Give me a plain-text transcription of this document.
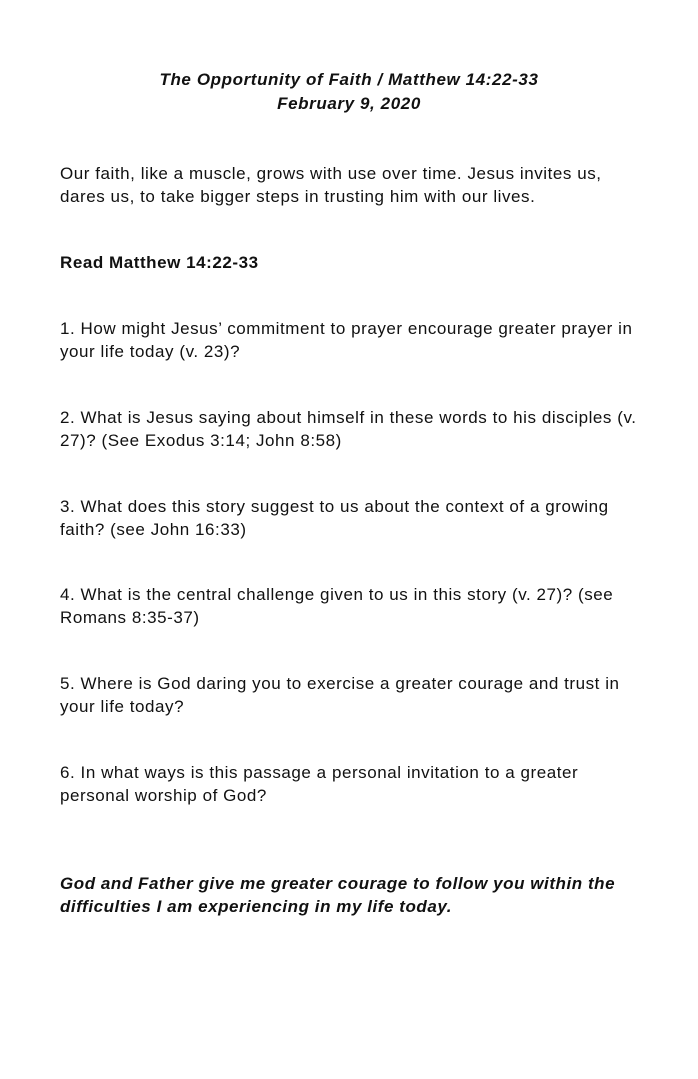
The Opportunity of Faith / Matthew 14:22-33
February 9, 2020
Our faith, like a muscle, grows with use over time. Jesus invites us, dares us, to take bigger steps in trusting him with our lives.
Read Matthew 14:22-33
1. How might Jesus’ commitment to prayer encourage greater prayer in your life today (v. 23)?
2. What is Jesus saying about himself in these words to his disciples (v. 27)? (See Exodus 3:14; John 8:58)
3. What does this story suggest to us about the context of a growing faith? (see John 16:33)
4. What is the central challenge given to us in this story (v. 27)? (see Romans 8:35-37)
5. Where is God daring you to exercise a greater courage and trust in your life today?
6. In what ways is this passage a personal invitation to a greater personal worship of God?
God and Father give me greater courage to follow you within the difficulties I am experiencing in my life today.
